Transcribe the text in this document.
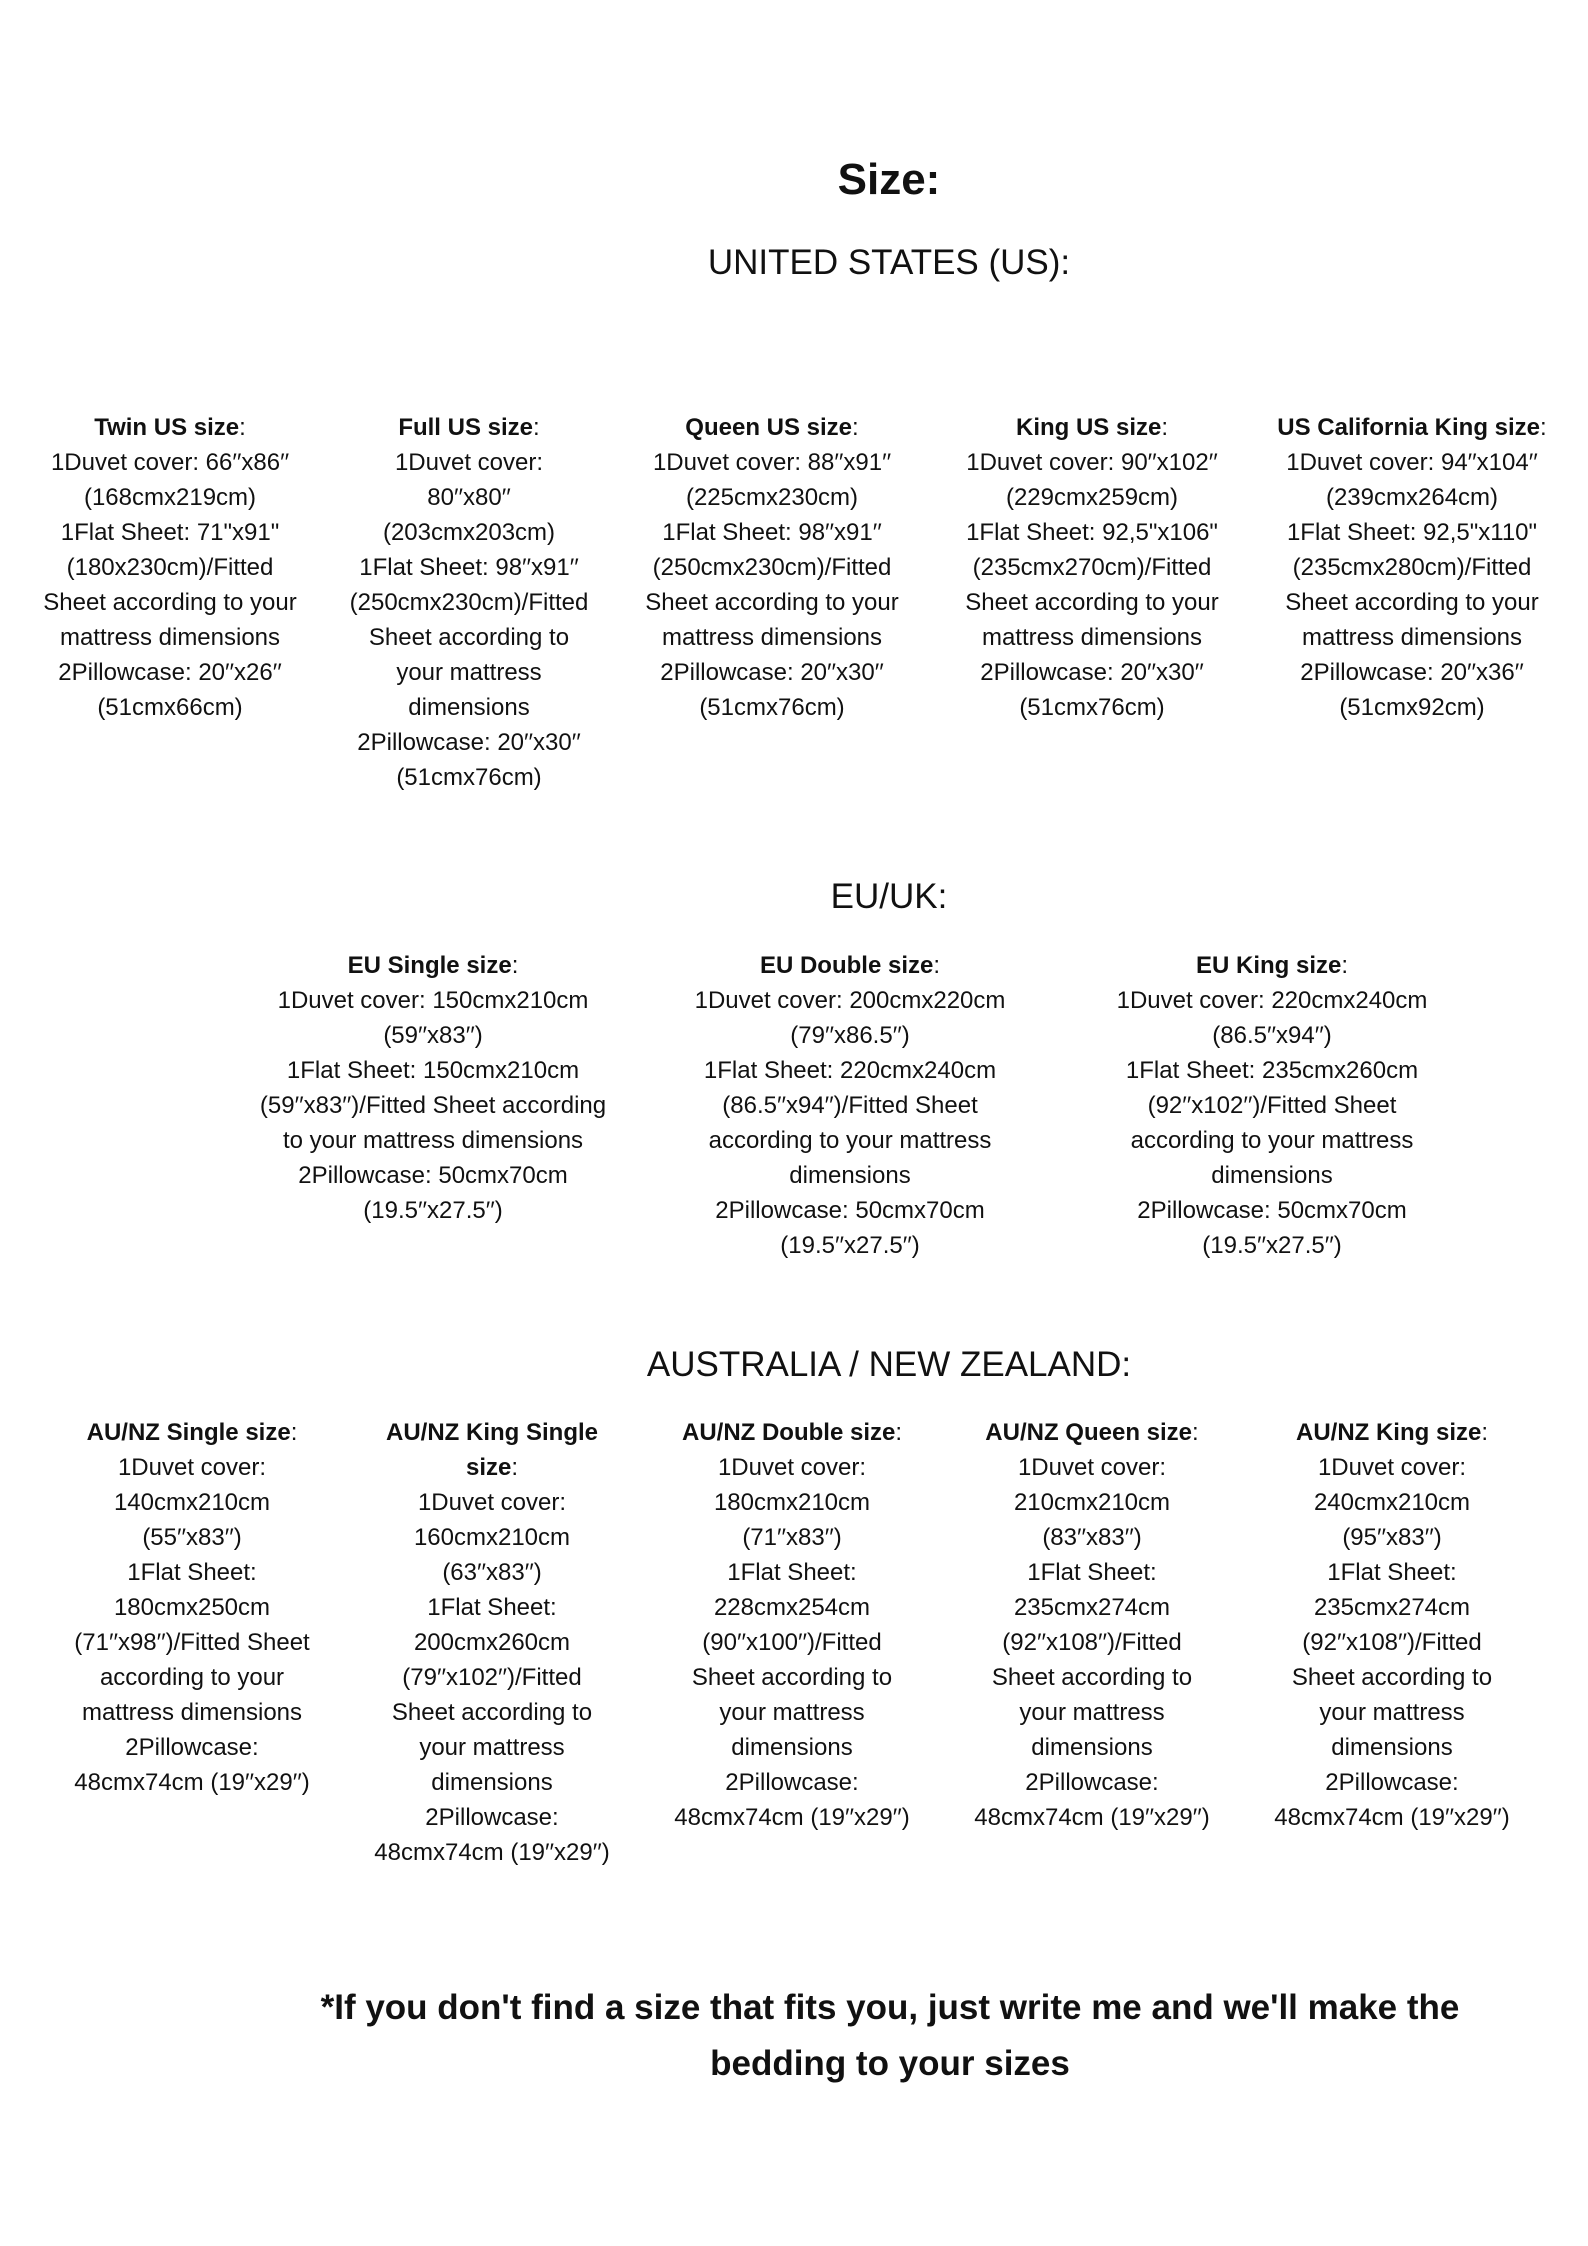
Size:
UNITED STATES (US):
EU/UK:
AUSTRALIA / NEW ZEALAND:
Twin US size:
1Duvet cover: 66′′x86′′
(168cmx219cm)
1Flat Sheet: 71"x91"
(180x230cm)/Fitted
Sheet according to your
mattress dimensions
2Pillowcase: 20′′x26′′
(51cmx66cm)
Full US size:
1Duvet cover:
80′′x80′′
(203cmx203cm)
1Flat Sheet: 98′′x91′′
(250cmx230cm)/Fitted
Sheet according to
your mattress
dimensions
2Pillowcase: 20′′x30′′
(51cmx76cm)
Queen US size:
1Duvet cover: 88′′x91′′
(225cmx230cm)
1Flat Sheet: 98′′x91′′
(250cmx230cm)/Fitted
Sheet according to your
mattress dimensions
2Pillowcase: 20′′x30′′
(51cmx76cm)
King US size:
1Duvet cover: 90′′x102′′
(229cmx259cm)
1Flat Sheet: 92,5"x106"
(235cmx270cm)/Fitted
Sheet according to your
mattress dimensions
2Pillowcase: 20′′x30′′
(51cmx76cm)
US California King size:
1Duvet cover: 94′′x104′′
(239cmx264cm)
1Flat Sheet: 92,5"x110"
(235cmx280cm)/Fitted
Sheet according to your
mattress dimensions
2Pillowcase: 20′′x36′′
(51cmx92cm)
EU Single size:
1Duvet cover: 150cmx210cm
(59′′x83′′)
1Flat Sheet: 150cmx210cm
(59′′x83′′)/Fitted Sheet according
to your mattress dimensions
2Pillowcase: 50cmx70cm
(19.5′′x27.5′′)
EU Double size:
1Duvet cover: 200cmx220cm
(79′′x86.5′′)
1Flat Sheet: 220cmx240cm
(86.5′′x94′′)/Fitted Sheet
according to your mattress
dimensions
2Pillowcase: 50cmx70cm
(19.5′′x27.5′′)
EU King size:
1Duvet cover: 220cmx240cm
(86.5′′x94′′)
1Flat Sheet: 235cmx260cm
(92′′x102′′)/Fitted Sheet
according to your mattress
dimensions
2Pillowcase: 50cmx70cm
(19.5′′x27.5′′)
AU/NZ Single size:
1Duvet cover:
140cmx210cm
(55′′x83′′)
1Flat Sheet:
180cmx250cm
(71′′x98′′)/Fitted Sheet
according to your
mattress dimensions
2Pillowcase:
48cmx74cm (19′′x29′′)
AU/NZ King Single
size:
1Duvet cover:
160cmx210cm
(63′′x83′′)
1Flat Sheet:
200cmx260cm
(79′′x102′′)/Fitted
Sheet according to
your mattress
dimensions
2Pillowcase:
48cmx74cm (19′′x29′′)
AU/NZ Double size:
1Duvet cover:
180cmx210cm
(71′′x83′′)
1Flat Sheet:
228cmx254cm
(90′′x100′′)/Fitted
Sheet according to
your mattress
dimensions
2Pillowcase:
48cmx74cm (19′′x29′′)
AU/NZ Queen size:
1Duvet cover:
210cmx210cm
(83′′x83′′)
1Flat Sheet:
235cmx274cm
(92′′x108′′)/Fitted
Sheet according to
your mattress
dimensions
2Pillowcase:
48cmx74cm (19′′x29′′)
AU/NZ King size:
1Duvet cover:
240cmx210cm
(95′′x83′′)
1Flat Sheet:
235cmx274cm
(92′′x108′′)/Fitted
Sheet according to
your mattress
dimensions
2Pillowcase:
48cmx74cm (19′′x29′′)
*If you don't find a size that fits you, just write me and we'll make the
bedding to your sizes
